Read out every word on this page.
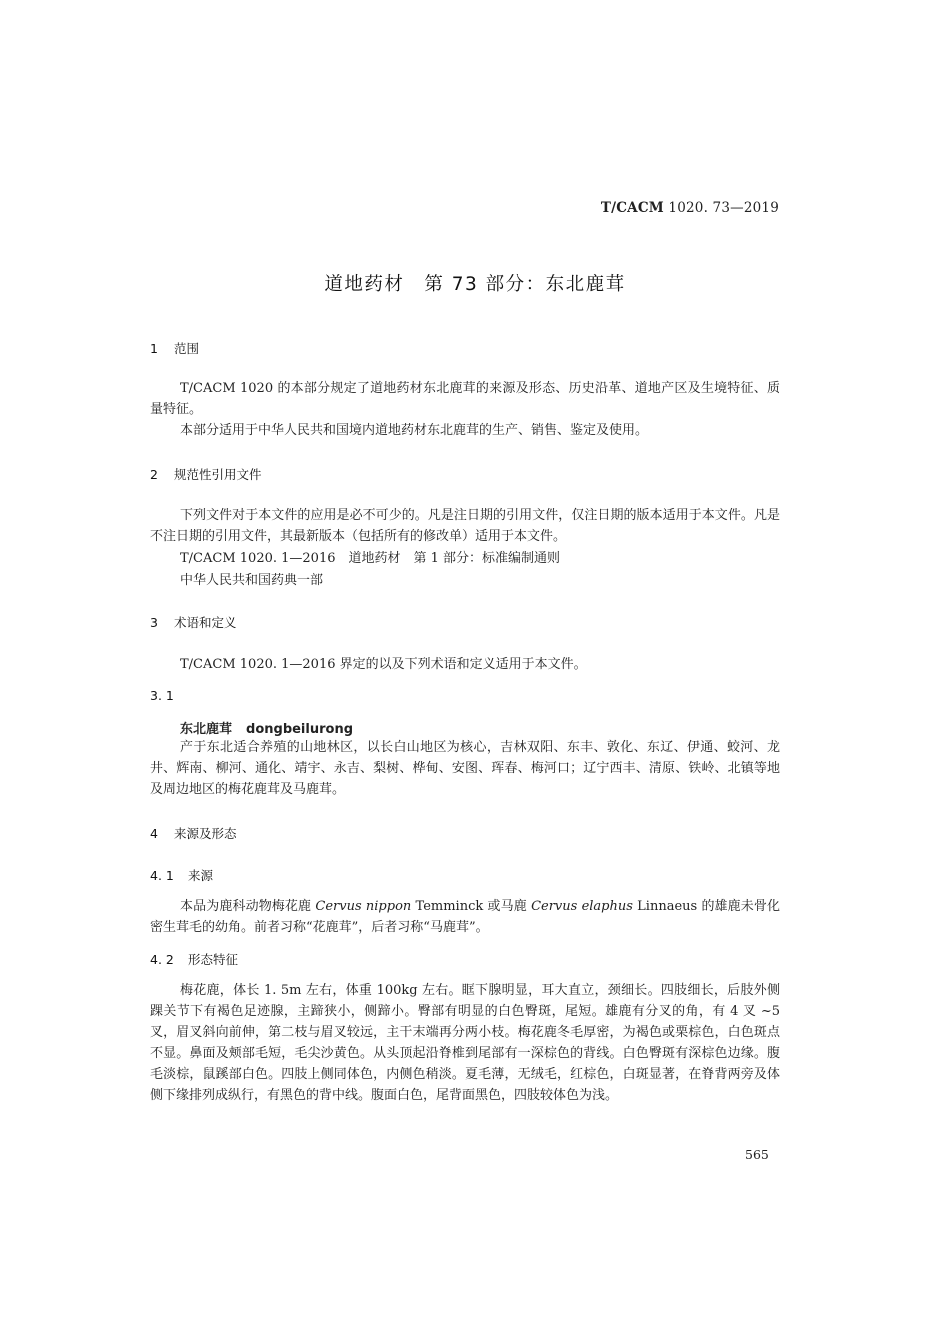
T/CACM 1020. 73—2019
道地药材　第 73 部分：东北鹿茸
1 范围
T/CACM 1020 的本部分规定了道地药材东北鹿茸的来源及形态、历史沿革、道地产区及生境特征、质量特征。
本部分适用于中华人民共和国境内道地药材东北鹿茸的生产、销售、鉴定及使用。
2 规范性引用文件
下列文件对于本文件的应用是必不可少的。凡是注日期的引用文件，仅注日期的版本适用于本文件。凡是不注日期的引用文件，其最新版本（包括所有的修改单）适用于本文件。
T/CACM 1020. 1—2016　道地药材　第 1 部分：标准编制通则
中华人民共和国药典一部
3 术语和定义
T/CACM 1020. 1—2016 界定的以及下列术语和定义适用于本文件。
3. 1
东北鹿茸 dongbeilurong
产于东北适合养殖的山地林区，以长白山地区为核心，吉林双阳、东丰、敦化、东辽、伊通、蛟河、龙井、辉南、柳河、通化、靖宇、永吉、梨树、桦甸、安图、珲春、梅河口；辽宁西丰、清原、铁岭、北镇等地及周边地区的梅花鹿茸及马鹿茸。
4 来源及形态
4. 1 来源
本品为鹿科动物梅花鹿 Cervus nippon Temminck 或马鹿 Cervus elaphus Linnaeus 的雄鹿未骨化密生茸毛的幼角。前者习称“花鹿茸”，后者习称“马鹿茸”。
4. 2 形态特征
梅花鹿，体长 1. 5m 左右，体重 100kg 左右。眶下腺明显，耳大直立，颈细长。四肢细长，后肢外侧踝关节下有褐色足迹腺，主蹄狭小，侧蹄小。臀部有明显的白色臀斑，尾短。雄鹿有分叉的角，有 4 叉 ~5 叉，眉叉斜向前伸，第二枝与眉叉较远，主干末端再分两小枝。梅花鹿冬毛厚密，为褐色或栗棕色，白色斑点不显。鼻面及颊部毛短，毛尖沙黄色。从头顶起沿脊椎到尾部有一深棕色的背线。白色臀斑有深棕色边缘。腹毛淡棕，鼠蹊部白色。四肢上侧同体色，内侧色稍淡。夏毛薄，无绒毛，红棕色，白斑显著，在脊背两旁及体侧下缘排列成纵行，有黑色的背中线。腹面白色，尾背面黑色，四肢较体色为浅。
565
